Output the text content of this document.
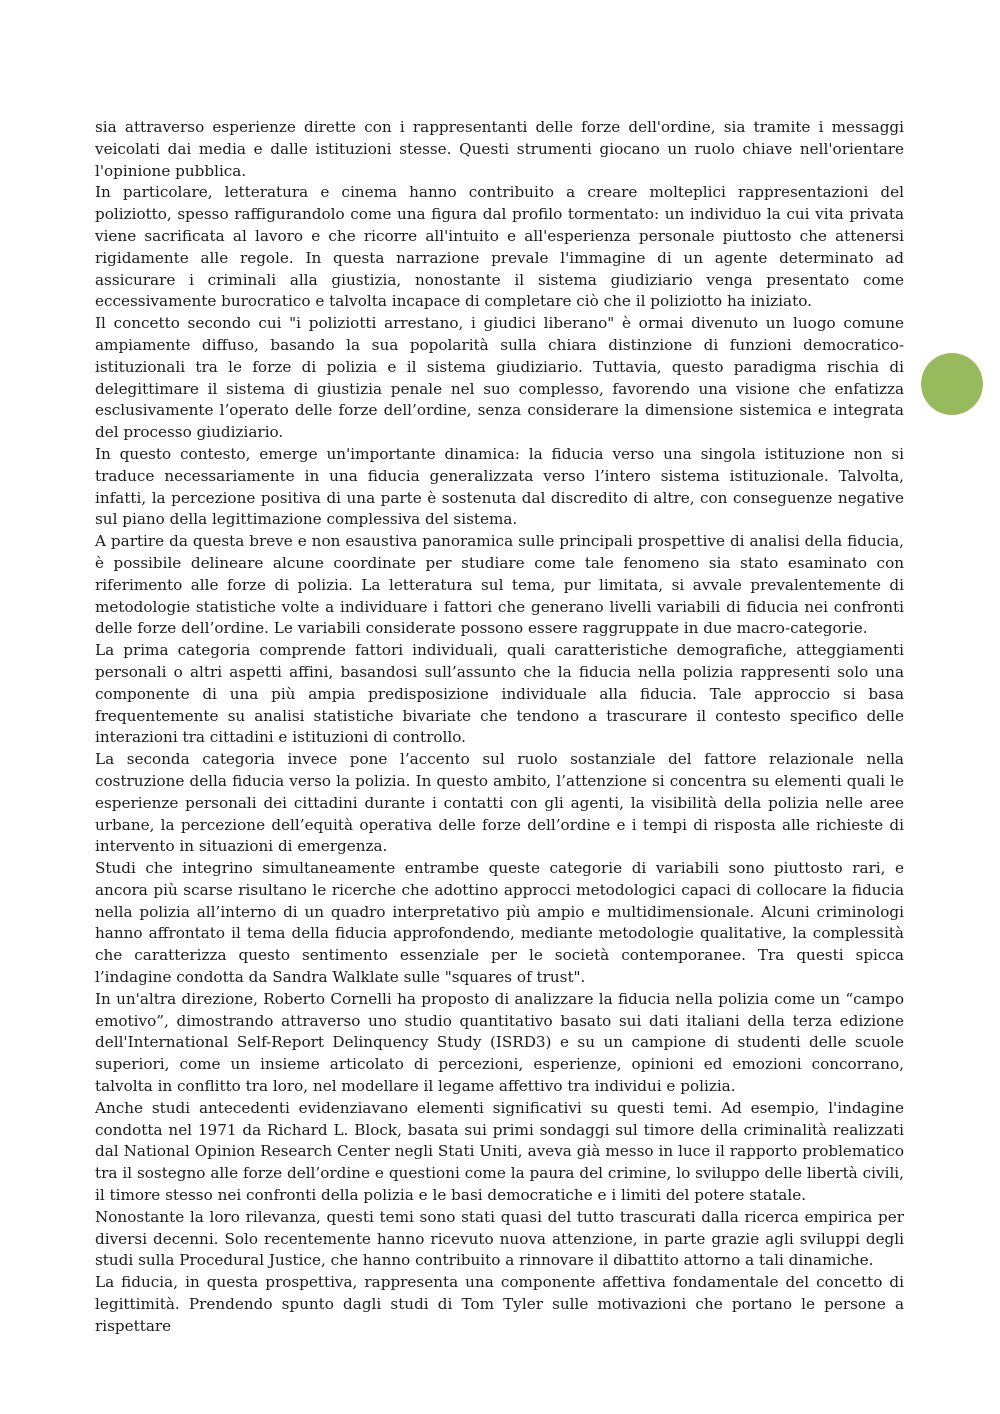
sia attraverso esperienze dirette con i rappresentanti delle forze dell'ordine, sia tramite i messaggi veicolati dai media e dalle istituzioni stesse. Questi strumenti giocano un ruolo chiave nell'orientare l'opinione pubblica.

In particolare, letteratura e cinema hanno contribuito a creare molteplici rappresentazioni del poliziotto, spesso raffigurandolo come una figura dal profilo tormentato: un individuo la cui vita privata viene sacrificata al lavoro e che ricorre all'intuito e all'esperienza personale piuttosto che attenersi rigidamente alle regole. In questa narrazione prevale l'immagine di un agente determinato ad assicurare i criminali alla giustizia, nonostante il sistema giudiziario venga presentato come eccessivamente burocratico e talvolta incapace di completare ciò che il poliziotto ha iniziato.

Il concetto secondo cui "i poliziotti arrestano, i giudici liberano" è ormai divenuto un luogo comune ampiamente diffuso, basando la sua popolarità sulla chiara distinzione di funzioni democratico-istituzionali tra le forze di polizia e il sistema giudiziario. Tuttavia, questo paradigma rischia di delegittimare il sistema di giustizia penale nel suo complesso, favorendo una visione che enfatizza esclusivamente l’operato delle forze dell’ordine, senza considerare la dimensione sistemica e integrata del processo giudiziario.

In questo contesto, emerge un'importante dinamica: la fiducia verso una singola istituzione non si traduce necessariamente in una fiducia generalizzata verso l’intero sistema istituzionale. Talvolta, infatti, la percezione positiva di una parte è sostenuta dal discredito di altre, con conseguenze negative sul piano della legittimazione complessiva del sistema.

A partire da questa breve e non esaustiva panoramica sulle principali prospettive di analisi della fiducia, è possibile delineare alcune coordinate per studiare come tale fenomeno sia stato esaminato con riferimento alle forze di polizia. La letteratura sul tema, pur limitata, si avvale prevalentemente di metodologie statistiche volte a individuare i fattori che generano livelli variabili di fiducia nei confronti delle forze dell’ordine. Le variabili considerate possono essere raggruppate in due macro-categorie.

La prima categoria comprende fattori individuali, quali caratteristiche demografiche, atteggiamenti personali o altri aspetti affini, basandosi sull’assunto che la fiducia nella polizia rappresenti solo una componente di una più ampia predisposizione individuale alla fiducia. Tale approccio si basa frequentemente su analisi statistiche bivariate che tendono a trascurare il contesto specifico delle interazioni tra cittadini e istituzioni di controllo.

La seconda categoria invece pone l’accento sul ruolo sostanziale del fattore relazionale nella costruzione della fiducia verso la polizia. In questo ambito, l’attenzione si concentra su elementi quali le esperienze personali dei cittadini durante i contatti con gli agenti, la visibilità della polizia nelle aree urbane, la percezione dell’equità operativa delle forze dell’ordine e i tempi di risposta alle richieste di intervento in situazioni di emergenza.

Studi che integrino simultaneamente entrambe queste categorie di variabili sono piuttosto rari, e ancora più scarse risultano le ricerche che adottino approcci metodologici capaci di collocare la fiducia nella polizia all’interno di un quadro interpretativo più ampio e multidimensionale. Alcuni criminologi hanno affrontato il tema della fiducia approfondendo, mediante metodologie qualitative, la complessità che caratterizza questo sentimento essenziale per le società contemporanee. Tra questi spicca l’indagine condotta da Sandra Walklate sulle "squares of trust".

In un'altra direzione, Roberto Cornelli ha proposto di analizzare la fiducia nella polizia come un “campo emotivo”, dimostrando attraverso uno studio quantitativo basato sui dati italiani della terza edizione dell'International Self-Report Delinquency Study (ISRD3) e su un campione di studenti delle scuole superiori, come un insieme articolato di percezioni, esperienze, opinioni ed emozioni concorrano, talvolta in conflitto tra loro, nel modellare il legame affettivo tra individui e polizia.

Anche studi antecedenti evidenziavano elementi significativi su questi temi. Ad esempio, l'indagine condotta nel 1971 da Richard L. Block, basata sui primi sondaggi sul timore della criminalità realizzati dal National Opinion Research Center negli Stati Uniti, aveva già messo in luce il rapporto problematico tra il sostegno alle forze dell’ordine e questioni come la paura del crimine, lo sviluppo delle libertà civili, il timore stesso nei confronti della polizia e le basi democratiche e i limiti del potere statale.

Nonostante la loro rilevanza, questi temi sono stati quasi del tutto trascurati dalla ricerca empirica per diversi decenni. Solo recentemente hanno ricevuto nuova attenzione, in parte grazie agli sviluppi degli studi sulla Procedural Justice, che hanno contribuito a rinnovare il dibattito attorno a tali dinamiche.

La fiducia, in questa prospettiva, rappresenta una componente affettiva fondamentale del concetto di legittimità. Prendendo spunto dagli studi di Tom Tyler sulle motivazioni che portano le persone a rispettare
